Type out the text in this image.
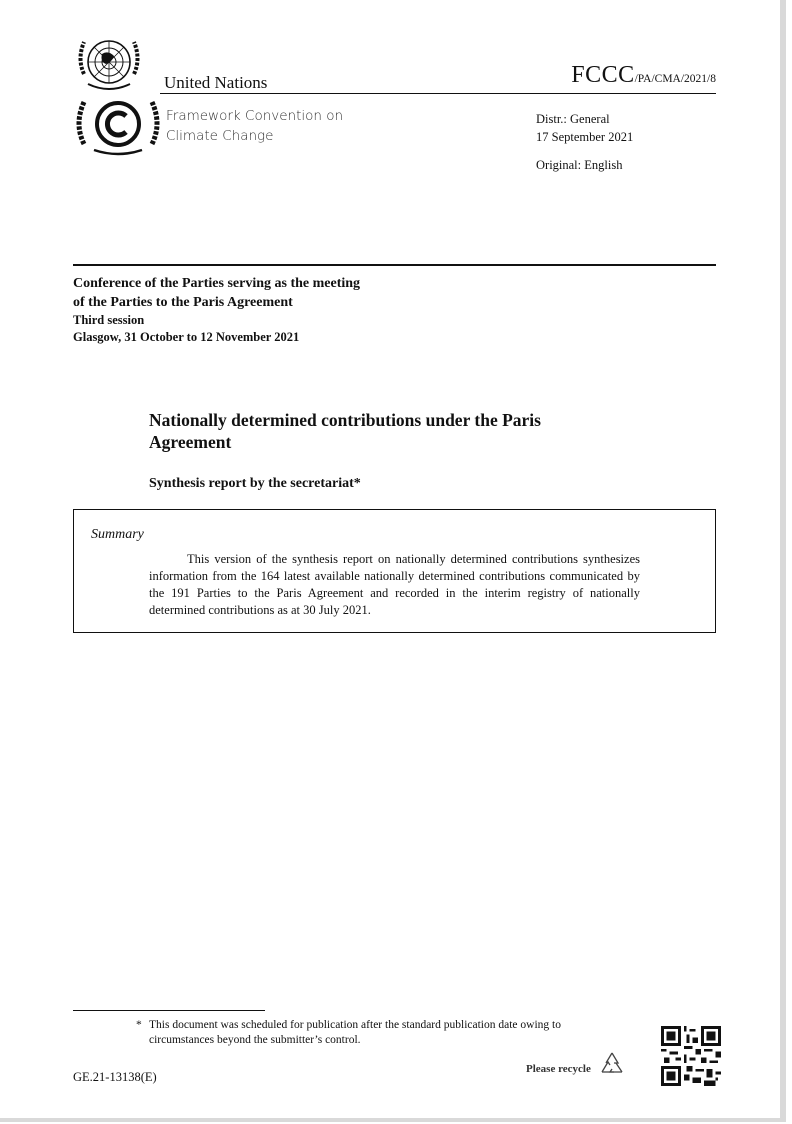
United Nations	FCCC/PA/CMA/2021/8
Framework Convention on
Climate Change
Distr.: General
17 September 2021
Original: English
Conference of the Parties serving as the meeting
of the Parties to the Paris Agreement
Third session
Glasgow, 31 October to 12 November 2021
Nationally determined contributions under the Paris Agreement
Synthesis report by the secretariat*
Summary
This version of the synthesis report on nationally determined contributions synthesizes information from the 164 latest available nationally determined contributions communicated by the 191 Parties to the Paris Agreement and recorded in the interim registry of nationally determined contributions as at 30 July 2021.
* This document was scheduled for publication after the standard publication date owing to circumstances beyond the submitter’s control.
GE.21-13138(E)
Please recycle
